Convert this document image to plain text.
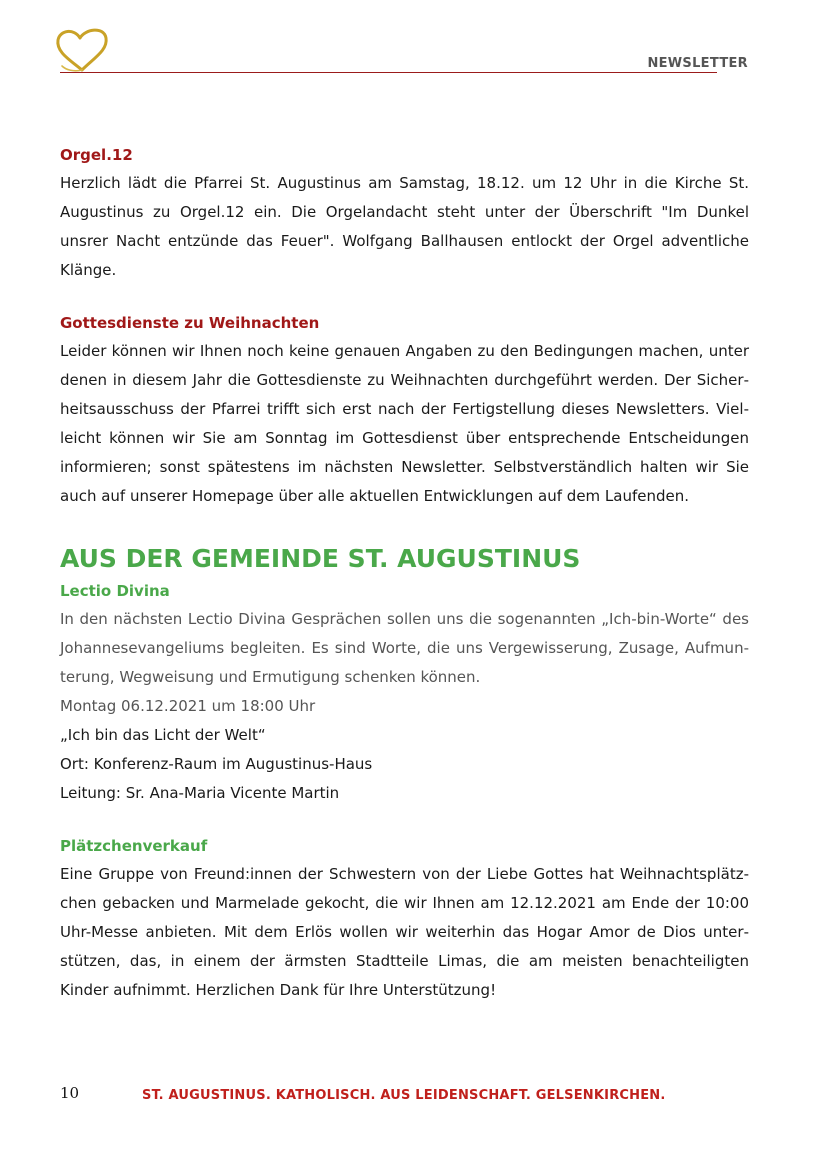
NEWSLETTER
Orgel.12

Herzlich lädt die Pfarrei St. Augustinus am Samstag, 18.12. um 12 Uhr in die Kirche St. Augustinus zu Orgel.12 ein. Die Orgelandacht steht unter der Überschrift "Im Dunkel unsrer Nacht entzünde das Feuer". Wolfgang Ballhausen entlockt der Orgel adventliche Klänge.

Gottesdienste zu Weihnachten

Leider können wir Ihnen noch keine genauen Angaben zu den Bedingungen machen, unter denen in diesem Jahr die Gottesdienste zu Weihnachten durchgeführt werden. Der Sicherheitsausschuss der Pfarrei trifft sich erst nach der Fertigstellung dieses Newsletters. Vielleicht können wir Sie am Sonntag im Gottesdienst über entsprechende Entscheidungen informieren; sonst spätestens im nächsten Newsletter. Selbstverständlich halten wir Sie auch auf unserer Homepage über alle aktuellen Entwicklungen auf dem Laufenden.

AUS DER GEMEINDE ST. AUGUSTINUS
Lectio Divina

In den nächsten Lectio Divina Gesprächen sollen uns die sogenannten „Ich-bin-Worte“ des Johannesevangeliums begleiten. Es sind Worte, die uns Vergewisserung, Zusage, Aufmunterung, Wegweisung und Ermutigung schenken können.

Montag 06.12.2021 um 18:00 Uhr

„Ich bin das Licht der Welt“

Ort: Konferenz-Raum im Augustinus-Haus

Leitung: Sr. Ana-Maria Vicente Martin

Plätzchenverkauf

Eine Gruppe von Freund:innen der Schwestern von der Liebe Gottes hat Weihnachtsplätzchen gebacken und Marmelade gekocht, die wir Ihnen am 12.12.2021 am Ende der 10:00 Uhr-Messe anbieten. Mit dem Erlös wollen wir weiterhin das Hogar Amor de Dios unterstützen, das, in einem der ärmsten Stadtteile Limas, die am meisten benachteiligten Kinder aufnimmt. Herzlichen Dank für Ihre Unterstützung!

10	ST. AUGUSTINUS. KATHOLISCH. AUS LEIDENSCHAFT. GELSENKIRCHEN.
